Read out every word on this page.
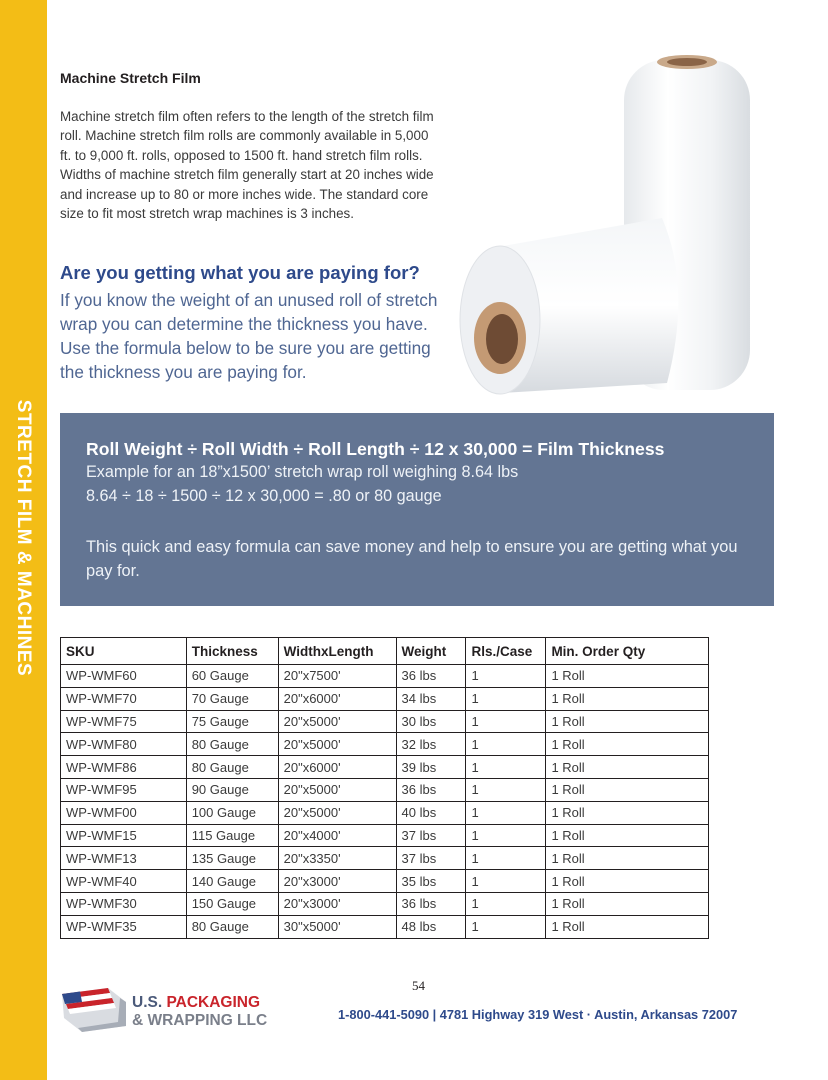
STRETCH FILM & MACHINES
Machine Stretch Film

Machine stretch film often refers to the length of the stretch film roll. Machine stretch film rolls are commonly available in 5,000 ft. to 9,000 ft. rolls, opposed to 1500 ft. hand stretch film rolls. Widths of machine stretch film generally start at 20 inches wide and increase up to 80 or more inches wide. The standard core size to fit most stretch wrap machines is 3 inches.

Are you getting what you are paying for?

If you know the weight of an unused roll of stretch wrap you can determine the thickness you have. Use the formula below to be sure you are getting the thickness you are paying for.

Roll Weight ÷ Roll Width ÷ Roll Length ÷ 12 x 30,000 = Film Thickness

Example for an 18”x1500’ stretch wrap roll weighing 8.64 lbs

8.64 ÷ 18 ÷ 1500 ÷ 12 x 30,000 = .80 or 80 gauge

This quick and easy formula can save money and help to ensure you are getting what you pay for.

SKU	Thickness	WidthxLength	Weight	Rls./Case	Min. Order Qty
WP-WMF60	60 Gauge	20"x7500'	36 lbs	1	1 Roll
WP-WMF70	70 Gauge	20"x6000'	34 lbs	1	1 Roll
WP-WMF75	75 Gauge	20"x5000'	30 lbs	1	1 Roll
WP-WMF80	80 Gauge	20"x5000'	32 lbs	1	1 Roll
WP-WMF86	80 Gauge	20"x6000'	39 lbs	1	1 Roll
WP-WMF95	90 Gauge	20"x5000'	36 lbs	1	1 Roll
WP-WMF00	100 Gauge	20"x5000'	40 lbs	1	1 Roll
WP-WMF15	115 Gauge	20"x4000'	37 lbs	1	1 Roll
WP-WMF13	135 Gauge	20"x3350'	37 lbs	1	1 Roll
WP-WMF40	140 Gauge	20"x3000'	35 lbs	1	1 Roll
WP-WMF30	150 Gauge	20"x3000'	36 lbs	1	1 Roll
WP-WMF35	80 Gauge	30"x5000'	48 lbs	1	1 Roll
54
U.S. PACKAGING
& WRAPPING LLC	1-800-441-5090 | 4781 Highway 319 West · Austin, Arkansas 72007
